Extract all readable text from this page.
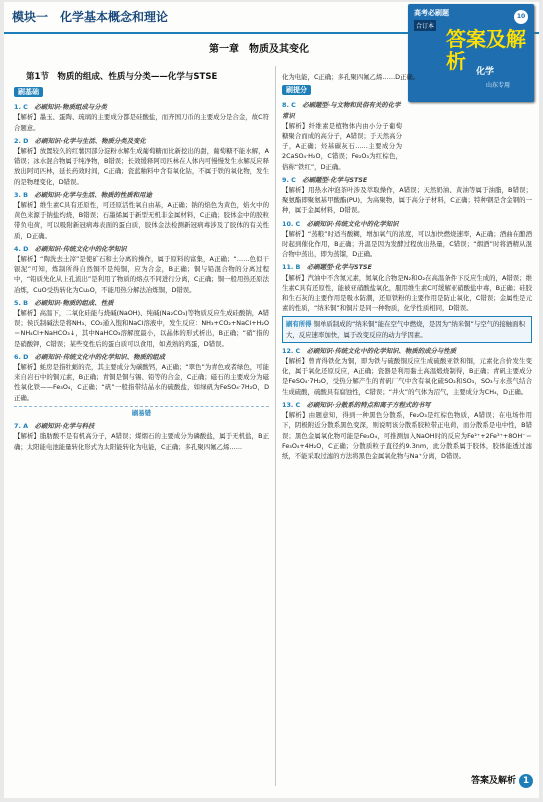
模块一　化学基本概念和理论	高考必刷题
合订本
答案及解析	化学
山东专用
10
第一章　物质及其变化
第1节　物质的组成、性质与分类——化学与STSE
刷基础
1. C　 必刷知识·物质组成与分类

【解析】墨玉、蛋陶、琉璃的主要成分都是硅酸盐，而齐国刀币的主要成分是合金，故C符合题意。

2. D　 必刷知识·化学与生活、物质分类及变化

【解析】放置较久的红薯因部分淀粉水解生成葡萄糖而比新挖出的甜，葡萄糖不能水解，A错误；冰水混合物属于纯净物，B错误；长效缓释阿司匹林在人体内可慢慢发生水解反应释放出阿司匹林，延长药效时间，C正确；瓷蓝釉料中含有氧化钴，不属于铁的氧化物，发生的是物理变化，D错误。

3. B　 必刷知识·化学与生活、物质的性质和用途

【解析】维生素C具有还原性，可还原活性氧自由基，A正确；钠的焰色为黄色，焰火中的黄色来源于钠盐灼烧，B错误；石墨烯属于新型无机非金属材料，C正确；胶体金中的胶粒带负电荷，可以吸附新冠病毒表面的蛋白质，胶体金法检测新冠病毒涉及了胶体的有关性质，D正确。

4. D　 必刷知识·传统文化中的化学知识

【解析】“陶洗去土滓”是使矿石和土分离的操作，属于原料的富集，A正确；“……色似干银泥”可知，炼制所得自然铜不是纯铜，应为合金，B正确；铜与铅混合物的分离过程中，“铅质先化从上孔流出”是利用了物质的熔点不同进行分离，C正确；铜一般用热还原法冶炼，CuO受热转化为Cu₂O，不能用热分解法冶炼铜，D错误。

5. B　 必刷知识·物质的组成、性质

【解析】高温下，二氧化硅能与烧碱(NaOH)、纯碱(Na₂CO₃)等物质反应生成硅酸钠，A错误；侯氏制碱法是将NH₃、CO₂通入饱和NaCl溶液中，发生反应：NH₃+CO₂+NaCl+H₂O＝NH₄Cl+NaHCO₃↓，其中NaHCO₃溶解度最小，以晶体的形式析出，B正确；“硝”指的是硝酸钾，C错误；某些变性后的蛋白质可以食用，如煮熟的鸡蛋，D错误。

6. D　 必刷知识·传统文化中的化学知识、物质的组成

【解析】蚝房是指牡蛎的壳，其主要成分为碳酸钙，A正确；“翠色”为青色或者绿色，可能来自岩石中的铜元素，B正确；青铜是铜与锡、铅等的合金，C正确；磁石的主要成分为磁性氧化铁——Fe₃O₄，C正确；“矾”一般指带结晶水的硫酸盐，如绿矾为FeSO₄·7H₂O，D正确。

刷易错
7. A　 必刷知识·化学与科技

【解析】脂肪酸不是有机高分子，A错误；煤烟石的主要成分为磷酸盐，属于无机盐，B正确；太阳能电池能量转化形式为太阳能转化为电能，C正确；多孔聚四氟乙烯……

化为电能，C正确；多孔聚四氟乙烯……D正确。

刷提分
8. C　 必刷题型·与文物和民俗有关的化学常识

【解析】纤维素是植物体内由小分子葡萄糖聚合而成的高分子，A错误；于天然高分子，A正确；烃基碳灰石……主要成分为2CaSO₄·H₂O，C错误；Fe₂O₃为红棕色，俗称“铁红”，D正确。

9. C　 必刷题型·化学与STSE

【解析】用热水冲泡茶叶涉及萃取操作，A错误；天然奶油、黄油等属于油脂，B错误；聚氨酯即聚氨基甲酸酯(PU)，为高聚物，属于高分子材料，C正确；特种钢是含金钢的一种，属于金属材料，D错误。

10. C　 必刷知识·传统文化中的化学知识

【解析】“蒸粮”时适当酸糊，增加氧气的浓度，可以加快燃烧速率，A正确；酒曲在酿酒时起到催化作用，B正确；升温是因为发酵过程放出热量，C错误；“烟酒”时将酒精从混合物中蒸出，即为蒸馏，D正确。

11. B　 必刷题型·化学与STSE

【解析】汽油中不含氮元素，氮氧化合物是N₂和O₂在高温条件下反应生成的，A错误；维生素C具有还原性，能被亚硝酸盐氧化，服用维生素C可缓解亚硝酸盐中毒，B正确；硅胶和生石灰的主要作用是吸水防潮，还原铁粉的主要作用是防止氧化，C错误；金属性是元素的性质，“纳米铜”和铜片是同一种物质，化学性质相同，D错误。

刷有所得 铜单质制成的“纳米铜”能在空气中燃烧，是因为“纳米铜”与空气的接触面积大，反应速率加快，属于改变反应的动力学因素。
12. C　 必刷知识·传统文化中的化学知识、物质的成分与性质

【解析】曾青得铁化为铜，即为铁与硫酸铜反应生成硫酸亚铁和铜，元素化合价发生变化，属于氧化还原反应，A正确；瓷器是利用黏土高温煅烧制得，B正确；青矾主要成分是FeSO₄·7H₂O，受热分解产生的青矾厂气中含有氧化硫SO₂和SO₃，SO₃与水蒸气结合生成硫酸，硫酸具有腐蚀性，C错误；“井火”的气体为沼气，主要成分为CH₄，D正确。

13. C　 必刷知识·分散系的特点和离子方程式的书写

【解析】由题意知，得到一种黑色分散系，Fe₂O₃是红棕色物质，A错误；在电场作用下，阴极附近分散系黑色变深，则说明该分散系胶粒带正电荷，而分散系是电中性，B错误；黑色金属氧化物可能是Fe₃O₄，可推测加入NaOH时的反应为Fe²⁺+2Fe³⁺+8OH⁻＝Fe₃O₄+4H₂O，C正确；分散质粒子直径约9.3nm，此分散系属于胶体，胶体能透过滤纸，不能采取过滤的方法将黑色金属氧化物与Na⁺分离，D错误。

答案及解析 1
